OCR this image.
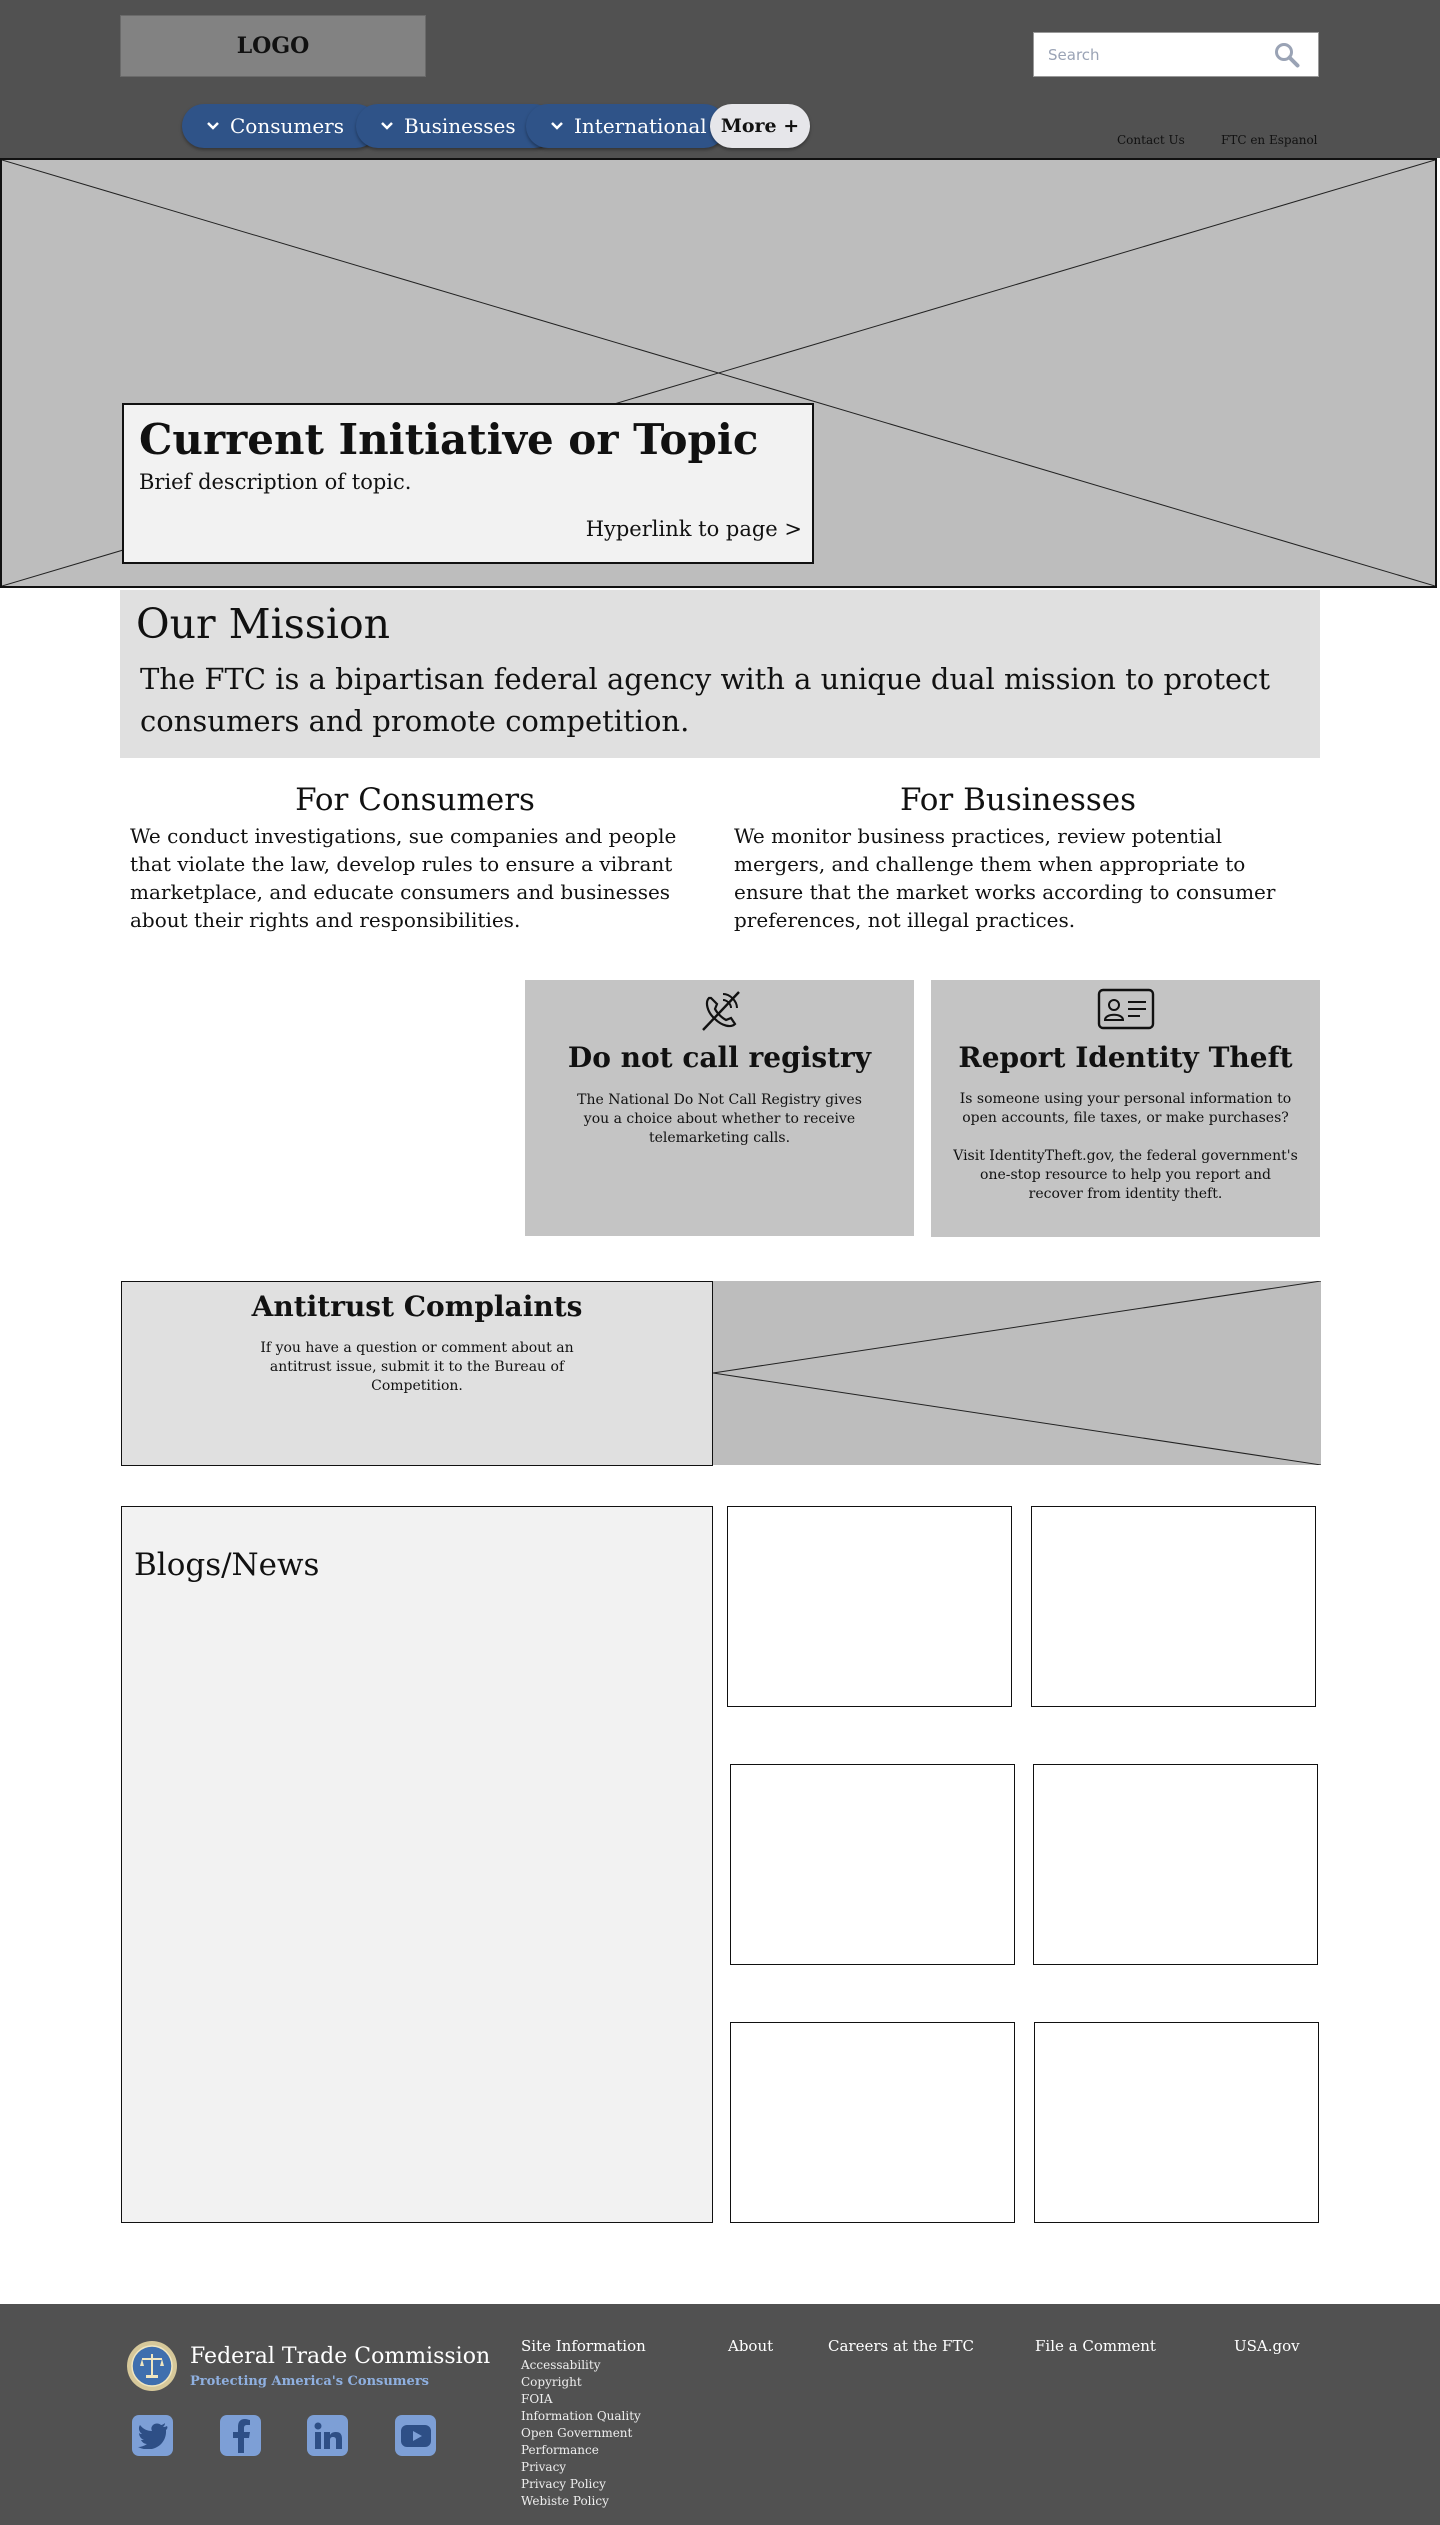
LOGO
Search
Consumers	Businesses	International More +
Contact Us	FTC en Espanol
Current Initiative or Topic
Brief description of topic.
Hyperlink to page >
Our Mission
The FTC is a bipartisan federal agency with a unique dual mission to protect consumers and promote competition.
For Consumers
We conduct investigations, sue companies and people that violate the law, develop rules to ensure a vibrant marketplace, and educate consumers and businesses about their rights and responsibilities.
For Businesses
We monitor business practices, review potential mergers, and challenge them when appropriate to ensure that the market works according to consumer preferences, not illegal practices.
Do not call registry

The National Do Not Call Registry gives you a choice about whether to receive telemarketing calls.

Report Identity Theft

Is someone using your personal information to open accounts, file taxes, or make purchases?

Visit IdentityTheft.gov, the federal government's one-stop resource to help you report and recover from identity theft.

Antitrust Complaints

If you have a question or comment about an antitrust issue, submit it to the Bureau of Competition.

Blogs/News
Federal Trade Commission
Protecting America's Consumers
Site Information
Accessability
Copyright
FOIA
Information Quality
Open Government
Performance
Privacy
Privacy Policy
Webiste Policy
About	Careers at the FTC	File a Comment	USA.gov
